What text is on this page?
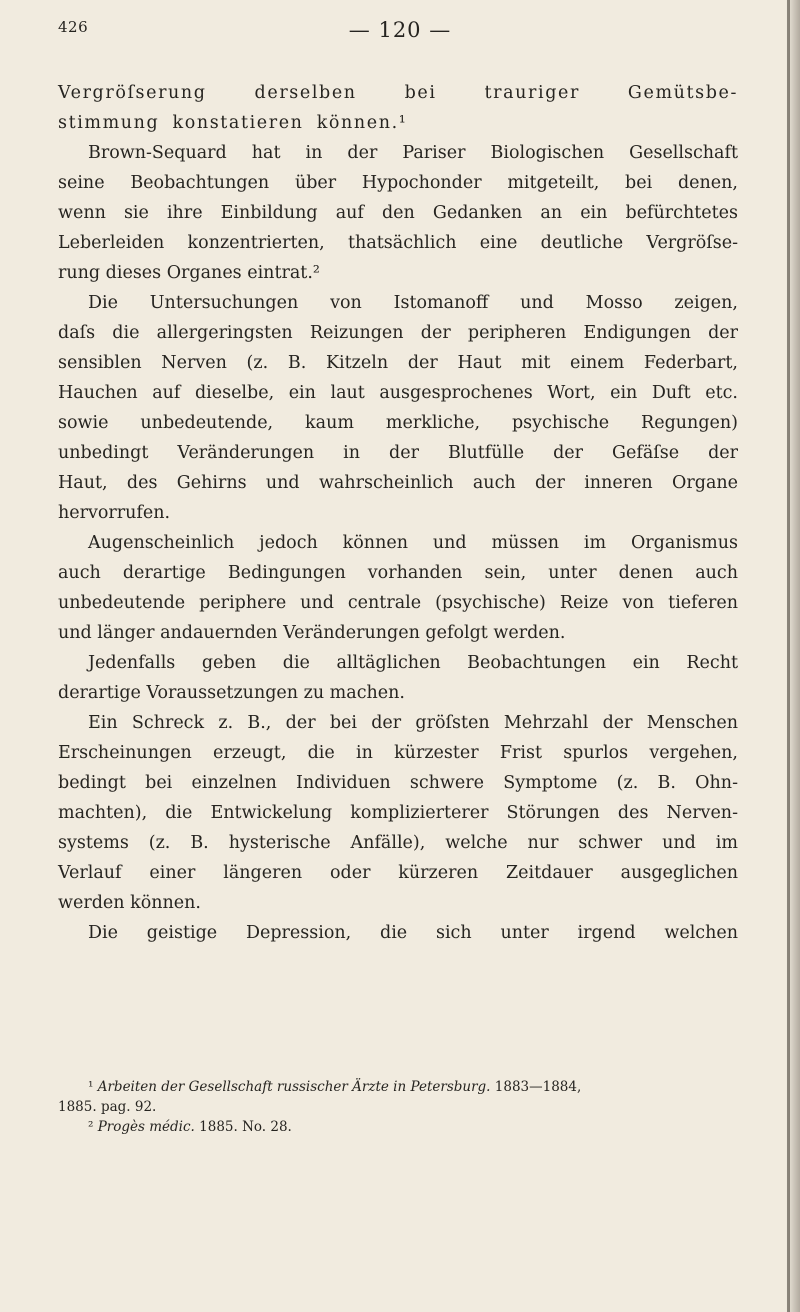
426	— 120 —
Vergröſserung derselben bei trauriger Gemütsbe-
stimmung konstatieren können.¹
Brown-Sequard hat in der Pariser Biologischen Gesellschaft
seine Beobachtungen über Hypochonder mitgeteilt, bei denen,
wenn sie ihre Einbildung auf den Gedanken an ein befürchtetes
Leberleiden konzentrierten, thatsächlich eine deutliche Vergröſse-
rung dieses Organes eintrat.²
Die Untersuchungen von Istomanoff und Mosso zeigen,
daſs die allergeringsten Reizungen der peripheren Endigungen der
sensiblen Nerven (z. B. Kitzeln der Haut mit einem Federbart,
Hauchen auf dieselbe, ein laut ausgesprochenes Wort, ein Duft etc.
sowie unbedeutende, kaum merkliche, psychische Regungen)
unbedingt Veränderungen in der Blutfülle der Gefäſse der
Haut, des Gehirns und wahrscheinlich auch der inneren Organe
hervorrufen.
Augenscheinlich jedoch können und müssen im Organismus
auch derartige Bedingungen vorhanden sein, unter denen auch
unbedeutende periphere und centrale (psychische) Reize von tieferen
und länger andauernden Veränderungen gefolgt werden.
Jedenfalls geben die alltäglichen Beobachtungen ein Recht
derartige Voraussetzungen zu machen.
Ein Schreck z. B., der bei der gröſsten Mehrzahl der Menschen
Erscheinungen erzeugt, die in kürzester Frist spurlos vergehen,
bedingt bei einzelnen Individuen schwere Symptome (z. B. Ohn-
machten), die Entwickelung komplizierterer Störungen des Nerven-
systems (z. B. hysterische Anfälle), welche nur schwer und im
Verlauf einer längeren oder kürzeren Zeitdauer ausgeglichen
werden können.
Die geistige Depression, die sich unter irgend welchen
¹ Arbeiten der Gesellschaft russischer Ärzte in Petersburg. 1883—1884,
1885. pag. 92.
² Progès médic. 1885. No. 28.
